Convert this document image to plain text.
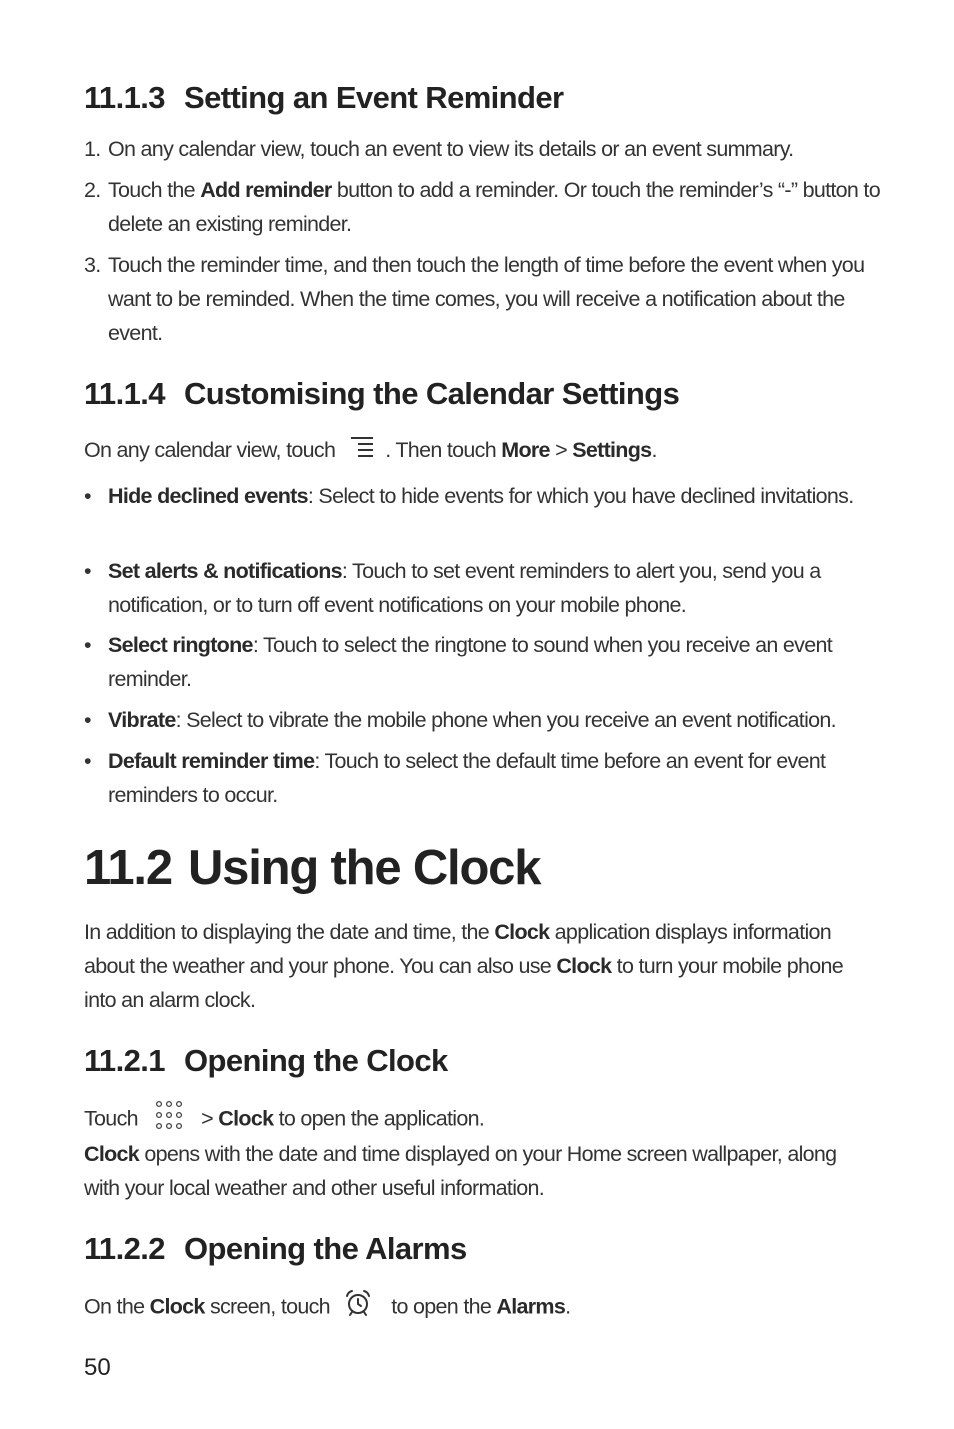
11.1.3 Setting an Event Reminder
1. On any calendar view, touch an event to view its details or an event summary.
2. Touch the Add reminder button to add a reminder. Or touch the reminder’s “-” button to delete an existing reminder.
3. Touch the reminder time, and then touch the length of time before the event when you want to be reminded. When the time comes, you will receive a notification about the event.
11.1.4 Customising the Calendar Settings

On any calendar view, touch . Then touch More > Settings.

• Hide declined events: Select to hide events for which you have declined invitations.
• Set alerts & notifications: Touch to set event reminders to alert you, send you a notification, or to turn off event notifications on your mobile phone.
• Select ringtone: Touch to select the ringtone to sound when you receive an event reminder.
• Vibrate: Select to vibrate the mobile phone when you receive an event notification.
• Default reminder time: Touch to select the default time before an event for event reminders to occur.
11.2 Using the Clock

In addition to displaying the date and time, the Clock application displays information about the weather and your phone. You can also use Clock to turn your mobile phone into an alarm clock.

11.2.1 Opening the Clock

Touch	> Clock to open the application.

Clock opens with the date and time displayed on your Home screen wallpaper, along with your local weather and other useful information.

11.2.2 Opening the Alarms

On the Clock screen, touch	to open the Alarms.

50
